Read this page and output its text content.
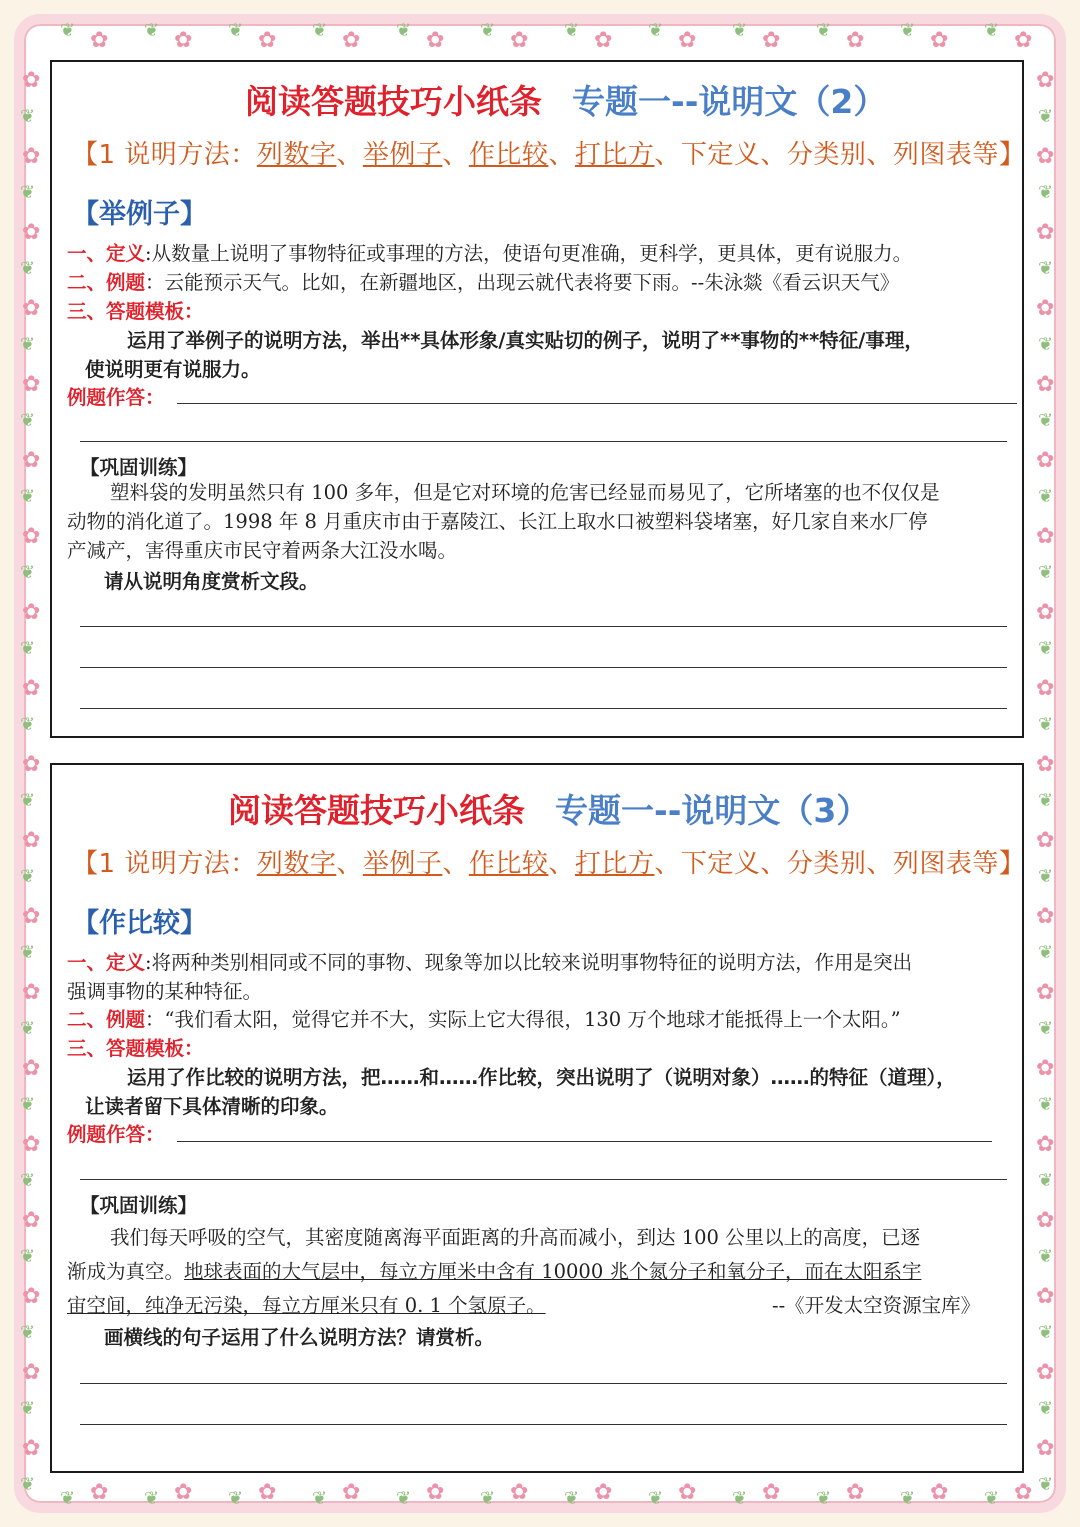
❦ ✿
✿
❦
❦ ✿
✿
❦
❦ ✿
✿
❦
❦ ✿
✿
❦
❦ ✿
✿
❦
❦ ✿
✿
❦
❦ ✿
✿
❦
❦ ✿
✿
❦
❦ ✿
✿
❦
❦ ✿
✿
❦
❦ ✿
✿
❦
❦ ✿
✿
❦
✿
❦
✿
❦
✿
❦
✿
❦
✿
❦
✿
❦
✿
❦
✿
❦
✿
❦
✿
❦
✿
❦
✿
❦
✿
❦
✿
❦
✿
❦
✿
❦
✿
❦
✿
❦
✿
❦
✿
❦
✿
❦
✿
❦
✿
❦
✿
❦
✿
❦
✿
❦
✿
❦
✿
❦
✿
❦
✿
❦
✿
❦
✿
❦
✿
❦
✿
❦
✿
❦
✿
❦
✿
❦
✿
❦
阅读答题技巧小纸条 专题一--说明文（2）
【1 说明方法：列数字、举例子、作比较、打比方、下定义、分类别、列图表等】
【举例子】
一、定义:从数量上说明了事物特征或事理的方法，使语句更准确，更科学，更具体，更有说服力。
二、例题：云能预示天气。比如，在新疆地区，出现云就代表将要下雨。--朱泳燚《看云识天气》
三、答题模板：
运用了举例子的说明方法，举出**具体形象/真实贴切的例子，说明了**事物的**特征/事理，
使说明更有说服力。
例题作答：
【巩固训练】
塑料袋的发明虽然只有 100 多年，但是它对环境的危害已经显而易见了，它所堵塞的也不仅仅是
动物的消化道了。1998 年 8 月重庆市由于嘉陵江、长江上取水口被塑料袋堵塞，好几家自来水厂停
产减产，害得重庆市民守着两条大江没水喝。
请从说明角度赏析文段。
阅读答题技巧小纸条 专题一--说明文（3）
【1 说明方法：列数字、举例子、作比较、打比方、下定义、分类别、列图表等】
【作比较】
一、定义:将两种类别相同或不同的事物、现象等加以比较来说明事物特征的说明方法，作用是突出
强调事物的某种特征。
二、例题：“我们看太阳，觉得它并不大，实际上它大得很，130 万个地球才能抵得上一个太阳。”
三、答题模板：
运用了作比较的说明方法，把……和……作比较，突出说明了（说明对象）……的特征（道理），
让读者留下具体清晰的印象。
例题作答：
【巩固训练】
我们每天呼吸的空气，其密度随离海平面距离的升高而减小，到达 100 公里以上的高度，已逐
渐成为真空。地球表面的大气层中，每立方厘米中含有 10000 兆个氮分子和氧分子，而在太阳系宇
宙空间，纯净无污染，每立方厘米只有 0. 1 个氢原子。	--《开发太空资源宝库》
画横线的句子运用了什么说明方法？请赏析。
